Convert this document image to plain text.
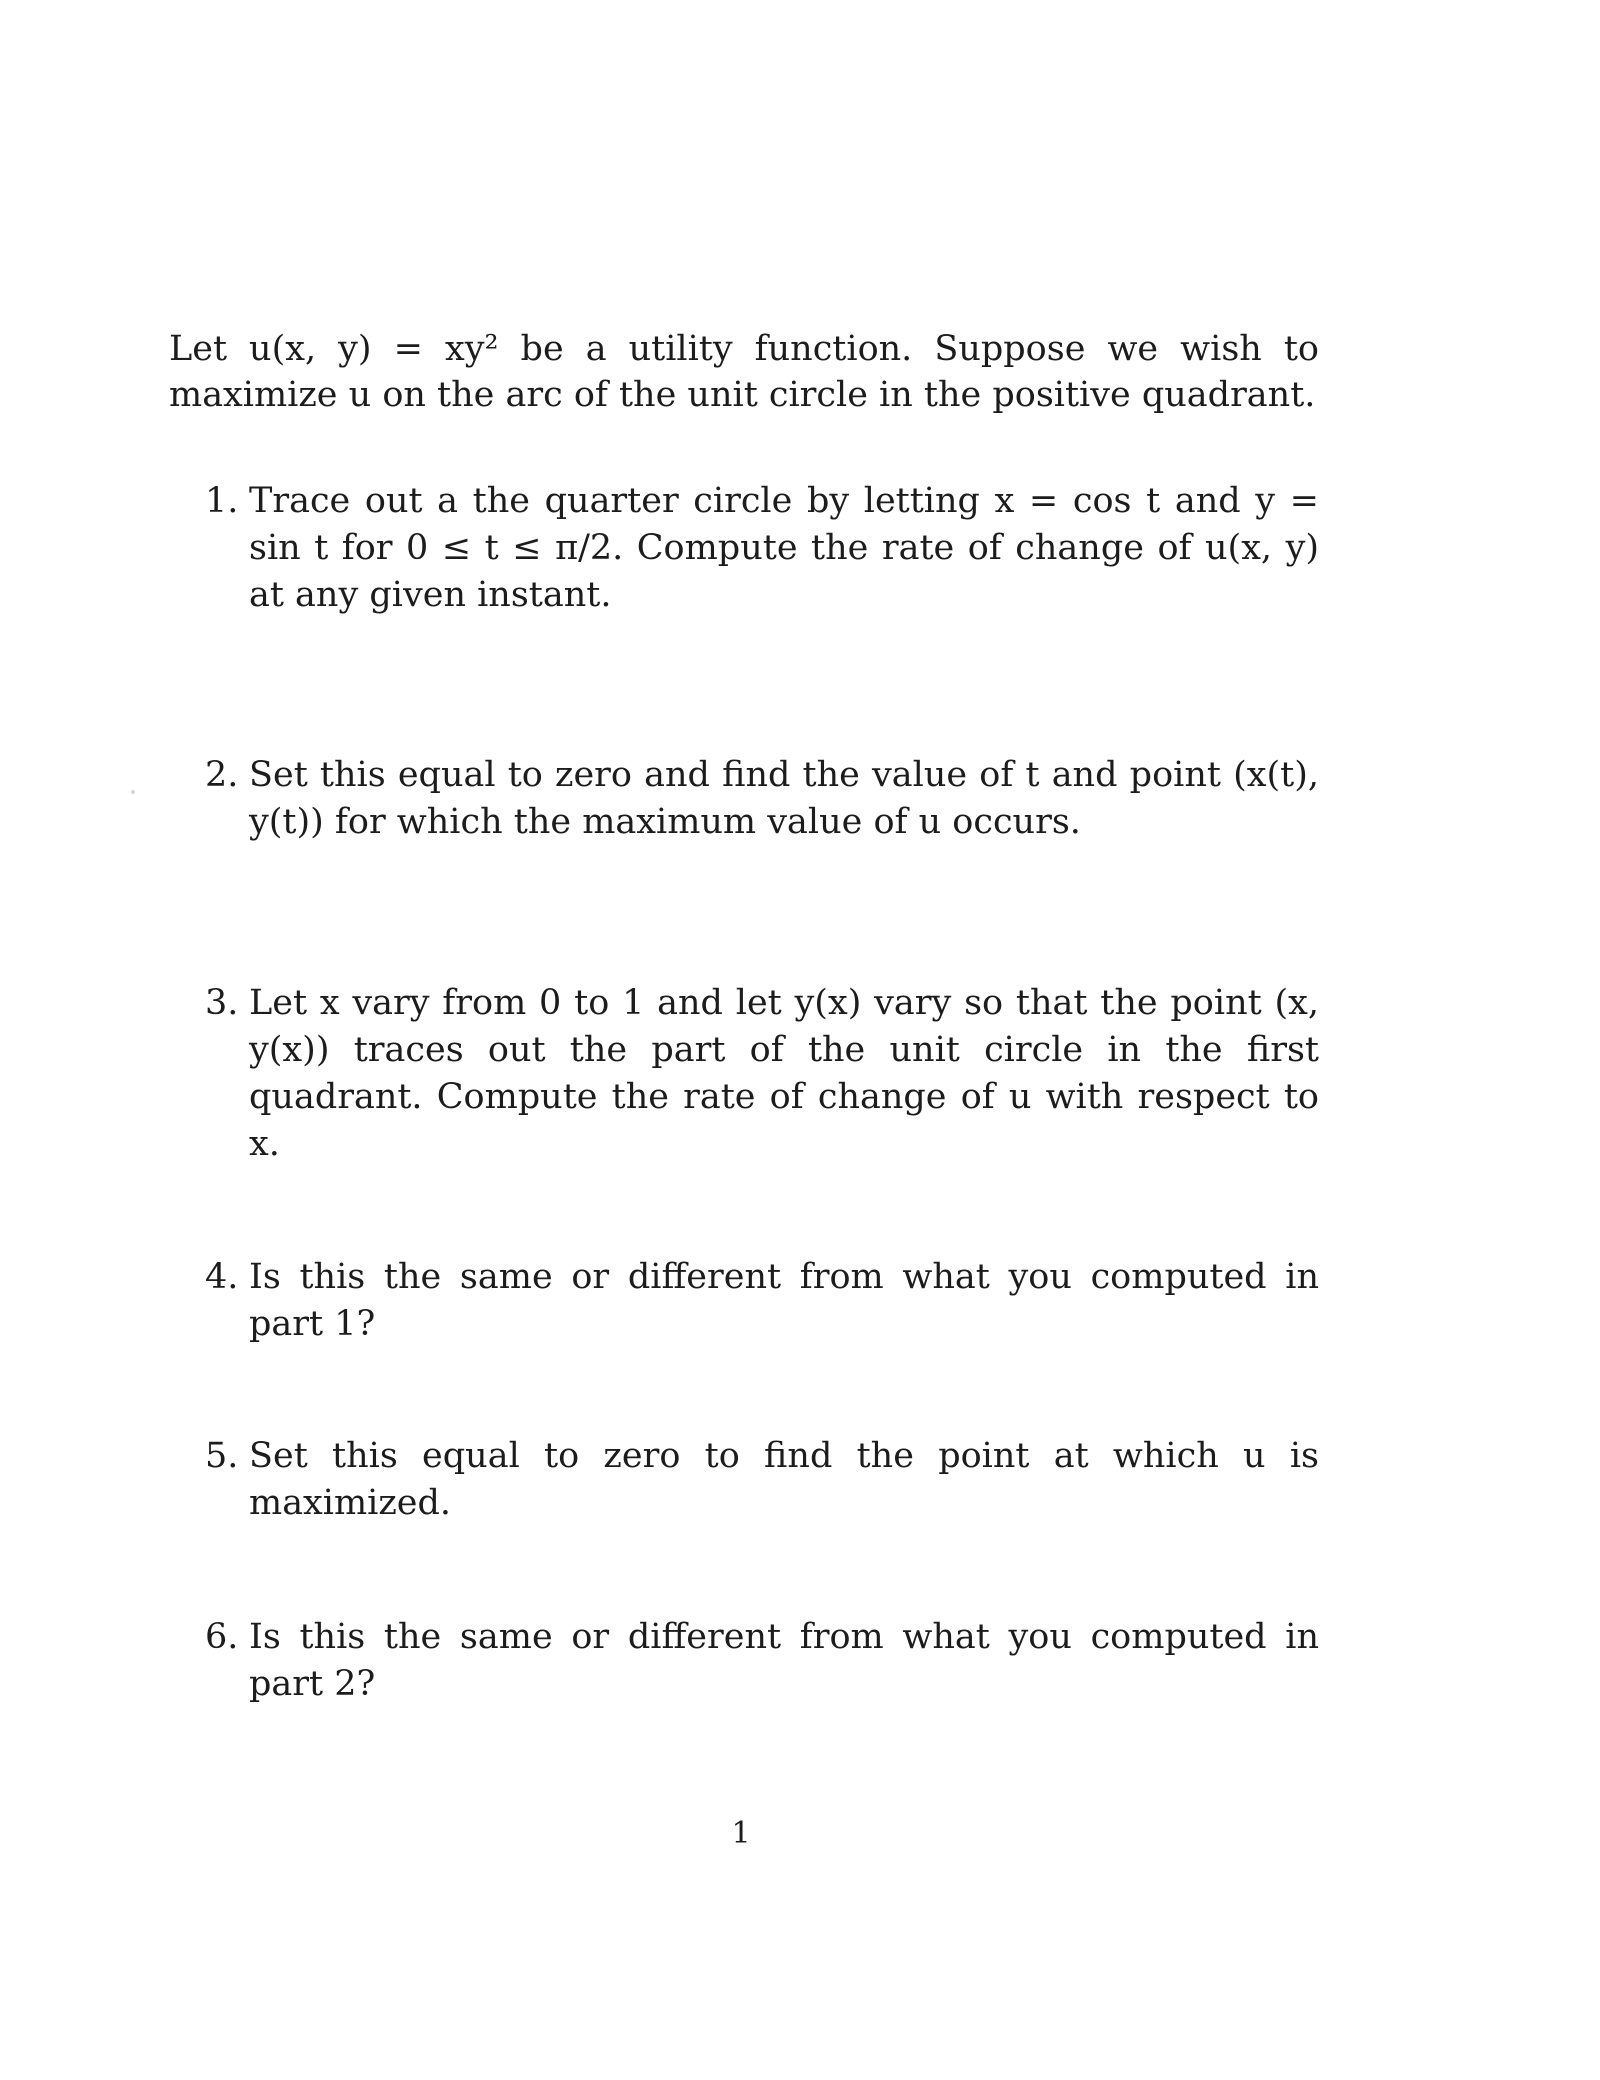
Let u(x, y) = xy² be a utility function. Suppose we wish to maximize u on the arc of the unit circle in the positive quadrant.

1. Trace out a the quarter circle by letting x = cos t and y = sin t for 0 ≤ t ≤ π/2. Compute the rate of change of u(x, y) at any given instant.
2. Set this equal to zero and find the value of t and point (x(t), y(t)) for which the maximum value of u occurs.
3. Let x vary from 0 to 1 and let y(x) vary so that the point (x, y(x)) traces out the part of the unit circle in the first quadrant. Compute the rate of change of u with respect to x.
4. Is this the same or different from what you computed in part 1?
5. Set this equal to zero to find the point at which u is maximized.
6. Is this the same or different from what you computed in part 2?
1
